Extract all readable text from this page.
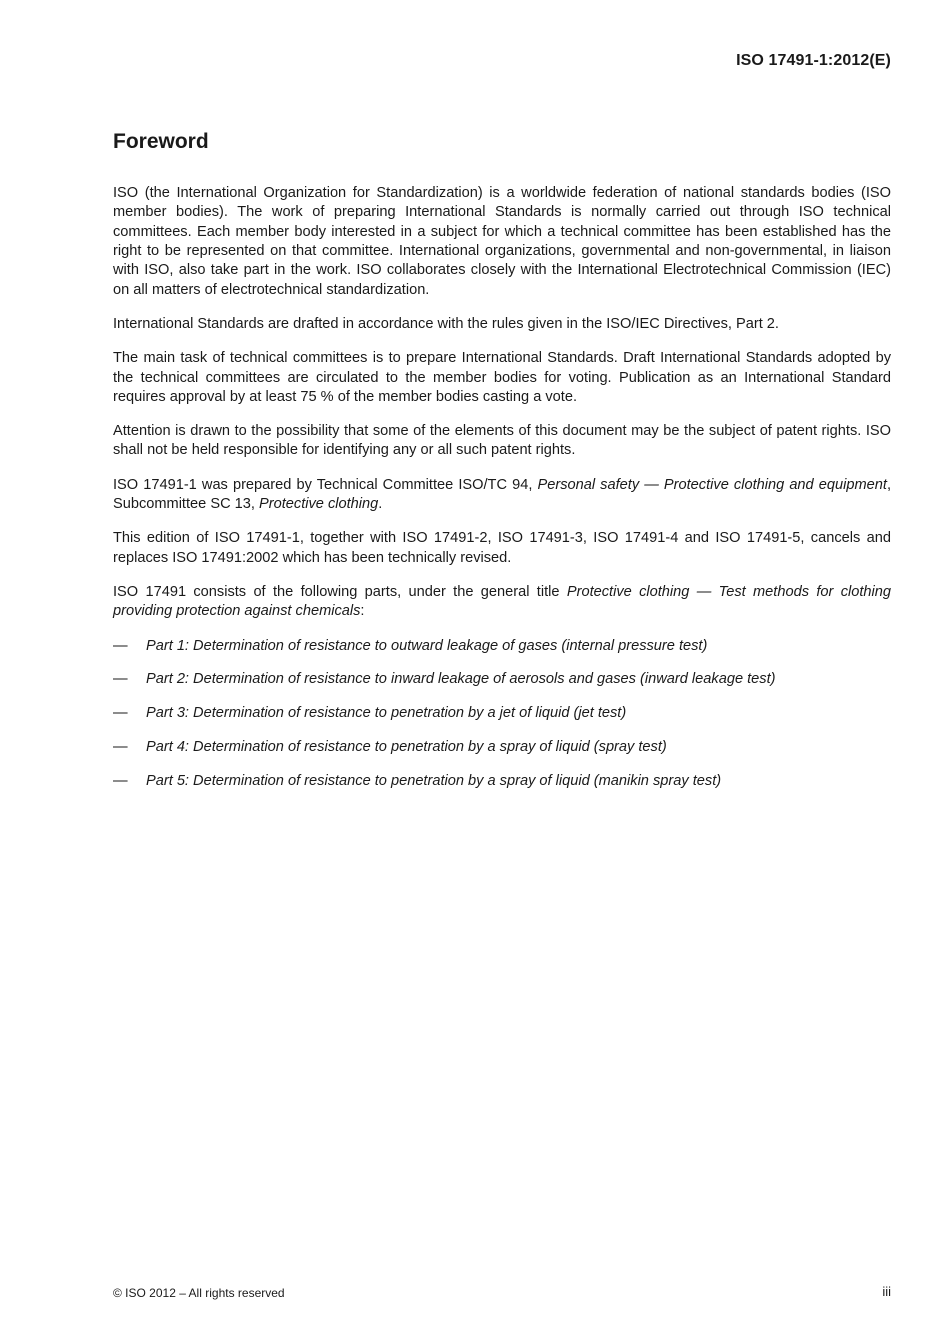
ISO 17491-1:2012(E)
Foreword

ISO (the International Organization for Standardization) is a worldwide federation of national standards bodies (ISO member bodies). The work of preparing International Standards is normally carried out through ISO technical committees. Each member body interested in a subject for which a technical committee has been established has the right to be represented on that committee. International organizations, governmental and non-governmental, in liaison with ISO, also take part in the work. ISO collaborates closely with the International Electrotechnical Commission (IEC) on all matters of electrotechnical standardization.

International Standards are drafted in accordance with the rules given in the ISO/IEC Directives, Part 2.

The main task of technical committees is to prepare International Standards. Draft International Standards adopted by the technical committees are circulated to the member bodies for voting. Publication as an International Standard requires approval by at least 75 % of the member bodies casting a vote.

Attention is drawn to the possibility that some of the elements of this document may be the subject of patent rights. ISO shall not be held responsible for identifying any or all such patent rights.

ISO 17491-1 was prepared by Technical Committee ISO/TC 94, Personal safety — Protective clothing and equipment, Subcommittee SC 13, Protective clothing.

This edition of ISO 17491-1, together with ISO 17491-2, ISO 17491-3, ISO 17491-4 and ISO 17491-5, cancels and replaces ISO 17491:2002 which has been technically revised.

ISO 17491 consists of the following parts, under the general title Protective clothing — Test methods for clothing providing protection against chemicals:

— Part 1: Determination of resistance to outward leakage of gases (internal pressure test)
— Part 2: Determination of resistance to inward leakage of aerosols and gases (inward leakage test)
— Part 3: Determination of resistance to penetration by a jet of liquid (jet test)
— Part 4: Determination of resistance to penetration by a spray of liquid (spray test)
— Part 5: Determination of resistance to penetration by a spray of liquid (manikin spray test)
© ISO 2012 – All rights reserved	iii
